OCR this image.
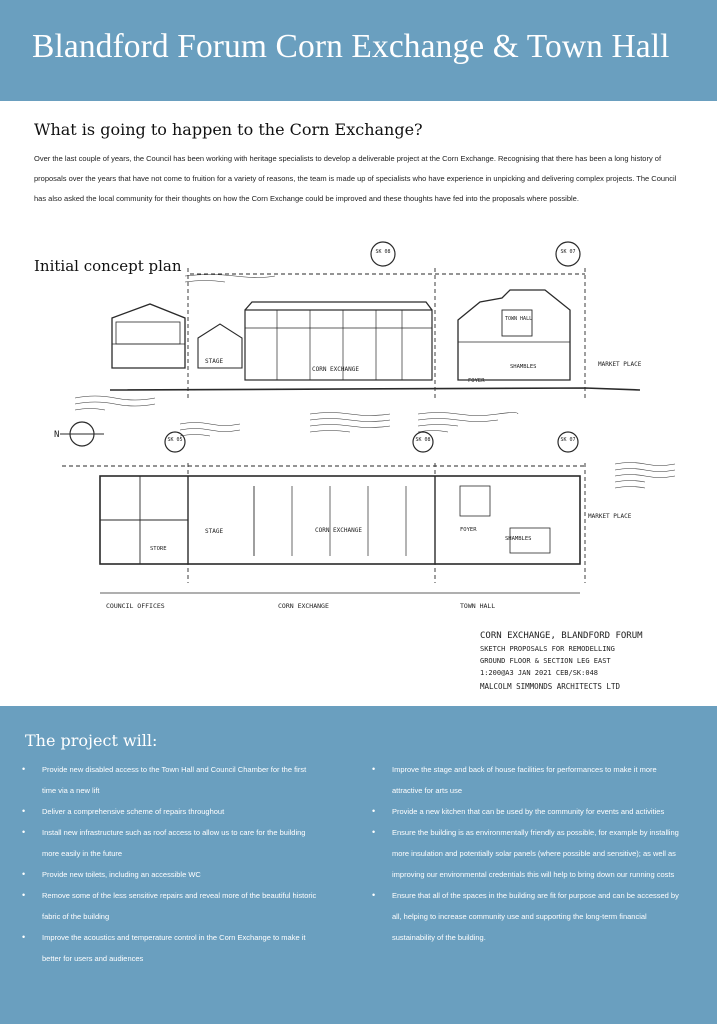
Blandford Forum Corn Exchange & Town Hall
What is going to happen to the Corn Exchange?

Over the last couple of years, the Council has been working with heritage specialists to develop a deliverable project at the Corn Exchange. Recognising that there has been a long history of proposals over the years that have not come to fruition for a variety of reasons, the team is made up of specialists who have experience in unpicking and delivering complex projects. The Council has also asked the local community for their thoughts on how the Corn Exchange could be improved and these thoughts have fed into the proposals where possible.

Initial concept plan
SK 08	SK 07
SK 05	SK 08	SK 07
N
STAGE
CORN EXCHANGE
TOWN HALL
FOYER
SHAMBLES	MARKET PLACE
STAGE	CORN EXCHANGE	FOYER
SHAMBLES
STORE
MARKET PLACE
COUNCIL OFFICES	CORN EXCHANGE	TOWN HALL
CORN EXCHANGE, BLANDFORD FORUM
SKETCH PROPOSALS FOR REMODELLING
GROUND FLOOR & SECTION LEG EAST
1:200@A3 JAN 2021 CEB/SK:048
MALCOLM SIMMONDS ARCHITECTS LTD
The project will:
• Provide new disabled access to the Town Hall and Council Chamber for the first time via a new lift
• Deliver a comprehensive scheme of repairs throughout
• Install new infrastructure such as roof access to allow us to care for the building more easily in the future
• Provide new toilets, including an accessible WC
• Remove some of the less sensitive repairs and reveal more of the beautiful historic fabric of the building
• Improve the acoustics and temperature control in the Corn Exchange to make it better for users and audiences
• Improve the stage and back of house facilities for performances to make it more attractive for arts use
• Provide a new kitchen that can be used by the community for events and activities
• Ensure the building is as environmentally friendly as possible, for example by installing more insulation and potentially solar panels (where possible and sensitive); as well as improving our environmental credentials this will help to bring down our running costs
• Ensure that all of the spaces in the building are fit for purpose and can be accessed by all, helping to increase community use and supporting the long-term financial sustainability of the building.
